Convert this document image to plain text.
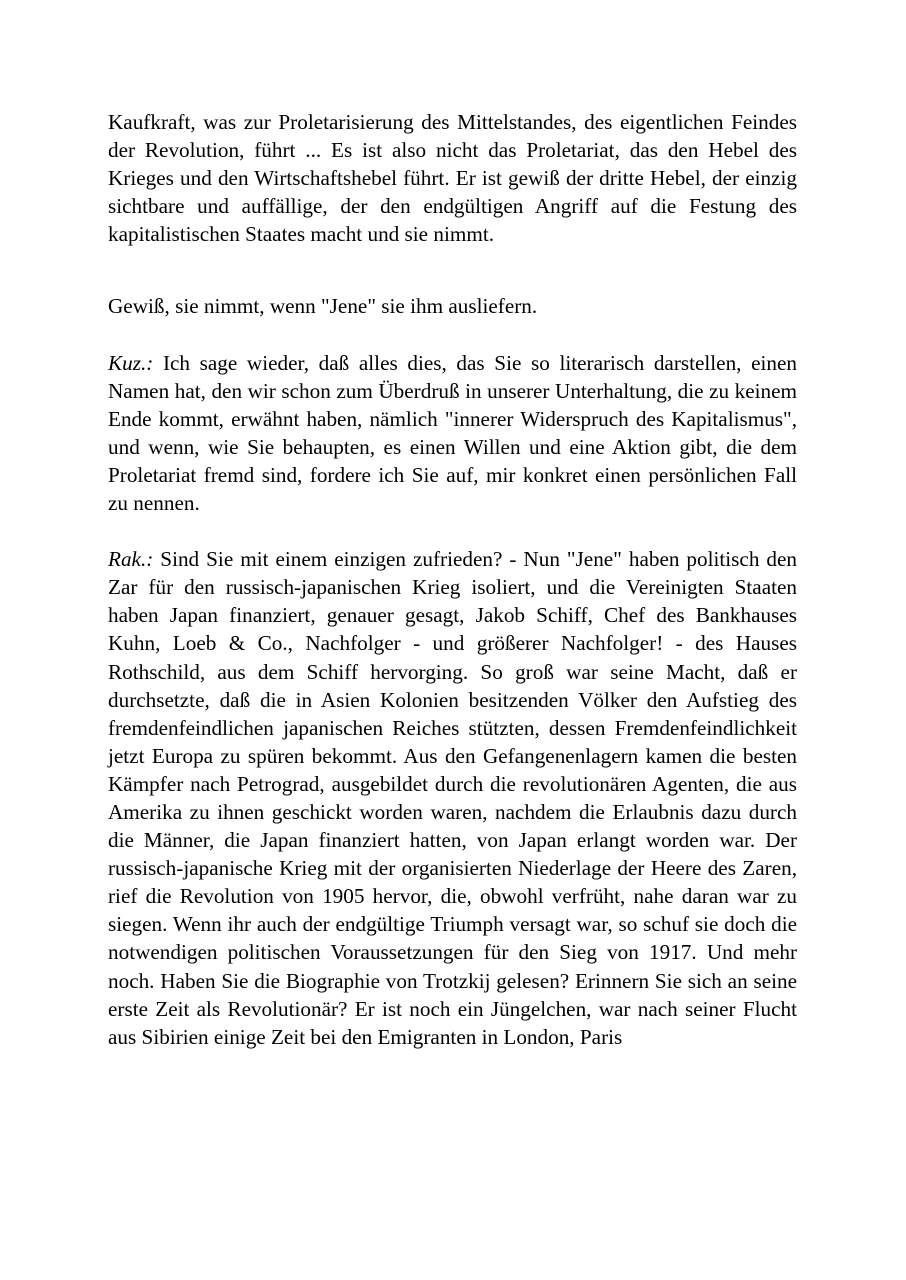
Kaufkraft, was zur Proletarisierung des Mittelstandes, des eigentlichen Feindes der Revolution, führt ... Es ist also nicht das Proletariat, das den Hebel des Krieges und den Wirtschaftshebel führt. Er ist gewiß der dritte Hebel, der einzig sichtbare und auffällige, der den endgültigen Angriff auf die Festung des kapitalistischen Staates macht und sie nimmt.

Gewiß, sie nimmt, wenn "Jene" sie ihm ausliefern.

Kuz.: Ich sage wieder, daß alles dies, das Sie so literarisch darstellen, einen Namen hat, den wir schon zum Überdruß in unserer Unterhaltung, die zu keinem Ende kommt, erwähnt haben, nämlich "innerer Widerspruch des Kapitalismus", und wenn, wie Sie behaupten, es einen Willen und eine Aktion gibt, die dem Proletariat fremd sind, fordere ich Sie auf, mir konkret einen persönlichen Fall zu nennen.

Rak.: Sind Sie mit einem einzigen zufrieden? - Nun "Jene" haben politisch den Zar für den russisch-japanischen Krieg isoliert, und die Vereinigten Staaten haben Japan finanziert, genauer gesagt, Jakob Schiff, Chef des Bankhauses Kuhn, Loeb & Co., Nachfolger - und größerer Nachfolger! - des Hauses Rothschild, aus dem Schiff hervorging. So groß war seine Macht, daß er durchsetzte, daß die in Asien Kolonien besitzenden Völker den Aufstieg des fremdenfeindlichen japanischen Reiches stützten, dessen Fremdenfeindlichkeit jetzt Europa zu spüren bekommt. Aus den Gefangenenlagern kamen die besten Kämpfer nach Petrograd, ausgebildet durch die revolutionären Agenten, die aus Amerika zu ihnen geschickt worden waren, nachdem die Erlaubnis dazu durch die Männer, die Japan finanziert hatten, von Japan erlangt worden war. Der russisch-japanische Krieg mit der organisierten Niederlage der Heere des Zaren, rief die Revolution von 1905 hervor, die, obwohl verfrüht, nahe daran war zu siegen. Wenn ihr auch der endgültige Triumph versagt war, so schuf sie doch die notwendigen politischen Voraussetzungen für den Sieg von 1917. Und mehr noch. Haben Sie die Biographie von Trotzkij gelesen? Erinnern Sie sich an seine erste Zeit als Revolutionär? Er ist noch ein Jüngelchen, war nach seiner Flucht aus Sibirien einige Zeit bei den Emigranten in London, Paris
